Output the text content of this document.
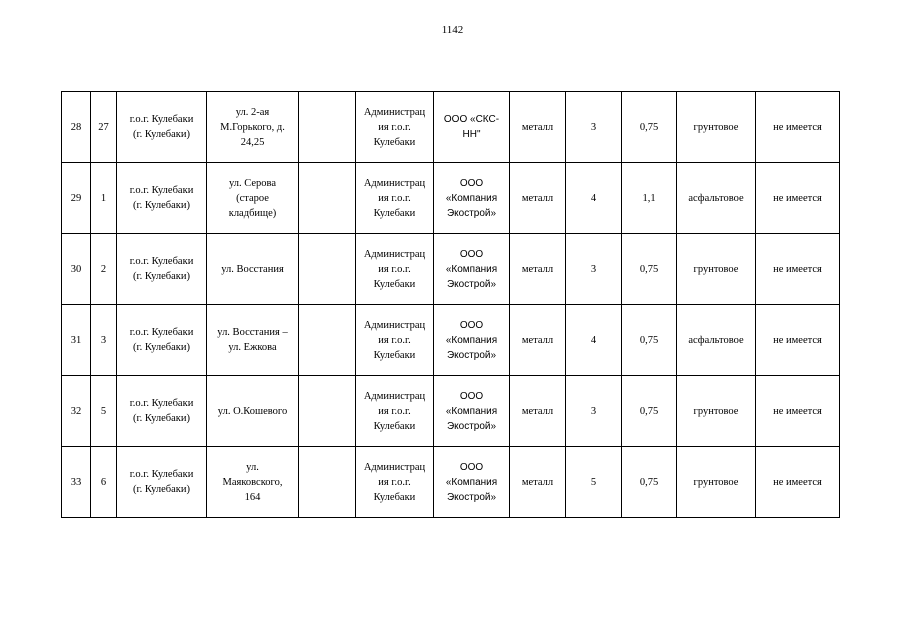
1142
28	27	г.о.г. Кулебаки
(г. Кулебаки)	ул. 2-ая
М.Горького, д.
24,25		Администрац
ия г.о.г.
Кулебаки	ООО «СКС-
НН"	металл	3	0,75	грунтовое	не имеется

29	1	г.о.г. Кулебаки
(г. Кулебаки)	ул. Серова
(старое
кладбище)		Администрац
ия г.о.г.
Кулебаки	ООО
«Компания
Экострой»	металл	4	1,1	асфальтовое	не имеется

30	2	г.о.г. Кулебаки
(г. Кулебаки)	ул. Восстания		Администрац
ия г.о.г.
Кулебаки	ООО
«Компания
Экострой»	металл	3	0,75	грунтовое	не имеется

31	3	г.о.г. Кулебаки
(г. Кулебаки)	ул. Восстания –
ул. Ежкова		Администрац
ия г.о.г.
Кулебаки	ООО
«Компания
Экострой»	металл	4	0,75	асфальтовое	не имеется

32	5	г.о.г. Кулебаки
(г. Кулебаки)	ул. О.Кошевого		Администрац
ия г.о.г.
Кулебаки	ООО
«Компания
Экострой»	металл	3	0,75	грунтовое	не имеется

33	6	г.о.г. Кулебаки
(г. Кулебаки)	ул.
Маяковского,
164		Администрац
ия г.о.г.
Кулебаки	ООО
«Компания
Экострой»	металл	5	0,75	грунтовое	не имеется
